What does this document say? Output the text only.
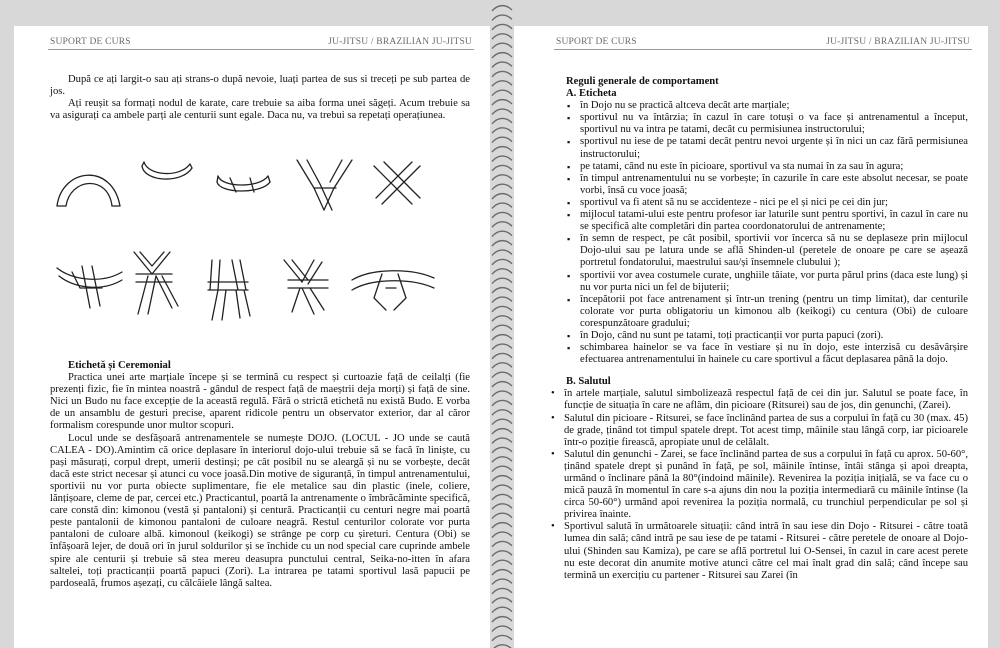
SUPORT DE CURS	JU-JITSU / BRAZILIAN JU-JITSU

După ce ați largit-o sau ați strans-o după nevoie, luați partea de sus si treceți pe sub partea de jos.

Ați reușit sa formați nodul de karate, care trebuie sa aiba forma unei săgeți. Acum trebuie sa va asigurați ca ambele parți ale centurii sunt egale. Daca nu, va trebui sa repetați operațiunea.

Etichetă și Ceremonial

Practica unei arte marțiale începe și se termină cu respect și curtoazie față de ceilalți (fie prezenți fizic, fie în mintea noastră - gândul de respect față de maeștrii deja morți) și față de sine. Nici un Budo nu face excepție de la această regulă. Fără o strictă etichetă nu există Budo. E vorba de un ansamblu de gesturi precise, aparent ridicole pentru un observator exterior, dar al căror formalism corespunde unor multor scopuri.

Locul unde se desfășoară antrenamentele se numește DOJO. (LOCUL - JO unde se caută CALEA - DO).Amintim că orice deplasare în interiorul dojo-ului trebuie să se facă în liniște, cu pași măsurați, corpul drept, umerii destinși; pe cât posibil nu se aleargă și nu se vorbește, decât dacă este strict necesar și atunci cu voce joasă.Din motive de siguranță, în timpul antrenamentului, sportivii nu vor purta obiecte suplimentare, fie ele metalice sau din plastic (inele, coliere, lănțișoare, cleme de par, cercei etc.) Practicantul, poartă la antrenamente o îmbrăcăminte specifică, care constă din: kimonou (vestă și pantaloni) și centură. Practicanții cu centuri negre mai poartă peste pantalonii de kimonou pantaloni de culoare neagră. Restul centurilor colorate vor purta pantaloni de culoare albă. kimonoul (keikogi) se strânge pe corp cu șireturi. Centura (Obi) se înfășoară lejer, de două ori în jurul soldurilor și se închide cu un nod special care cuprinde ambele spire ale centurii și trebuie să stea mereu deasupra punctului central, Seika-no-itten în afara saltelei, toți practicanții poartă papuci (Zori). La intrarea pe tatami sportivul lasă papucii pe pardoseală, frumos așezați, cu călcâiele lângă saltea.

SUPORT DE CURS	JU-JITSU / BRAZILIAN JU-JITSU

Reguli generale de comportament

A. Eticheta

▪ în Dojo nu se practică altceva decât arte marțiale;
▪ sportivul nu va întârzia; în cazul în care totuși o va face și antrenamentul a început, sportivul nu va intra pe tatami, decât cu permisiunea instructorului;
▪ sportivul nu iese de pe tatami decât pentru nevoi urgente și în nici un caz fără permisiunea instructorului;
▪ pe tatami, când nu este în picioare, sportivul va sta numai în za sau în agura;
▪ în timpul antrenamentului nu se vorbește; în cazurile în care este absolut necesar, se poate vorbi, însă cu voce joasă;
▪ sportivul va fi atent să nu se accidenteze - nici pe el și nici pe cei din jur;
▪ mijlocul tatami-ului este pentru profesor iar laturile sunt pentru sportivi, în cazul în care nu se specifică alte completări din partea coordonatorului de antrenamente;
▪ în semn de respect, pe cât posibil, sportivii vor încerca să nu se deplaseze prin mijlocul Dojo-ului sau pe latura unde se află Shinden-ul (peretele de onoare pe care se așează portretul fondatorului, maestrului sau/și însemnele clubului );
▪ sportivii vor avea costumele curate, unghiile tăiate, vor purta părul prins (daca este lung) și nu vor purta nici un fel de bijuterii;
▪ începătorii pot face antrenament și într-un trening (pentru un timp limitat), dar centurile colorate vor purta obligatoriu un kimonou alb (keikogi) cu centura (Obi) de culoare corespunzătoare gradului;
▪ în Dojo, când nu sunt pe tatami, toți practicanții vor purta papuci (zori).
▪ schimbarea hainelor se va face în vestiare și nu în dojo, este interzisă cu desăvârșire efectuarea antrenamentului în hainele cu care sportivul a făcut deplasarea până la dojo.

B. Salutul

• în artele marțiale, salutul simbolizează respectul față de cei din jur. Salutul se poate face, în funcție de situația în care ne aflăm, din picioare (Ritsurei) sau de jos, din genunchi, (Zarei).
• Salutul din picioare - Ritsurei, se face înclinând partea de sus a corpului în față cu 30 (max. 45) de grade, ținând tot timpul spatele drept. Tot acest timp, mâinile stau lângă corp, iar picioarele într-o poziție firească, apropiate unul de celălalt.
• Salutul din genunchi - Zarei, se face înclinând partea de sus a corpului în față cu aprox. 50-60°, ținând spatele drept și punând în față, pe sol, mâinile întinse, întâi stânga și apoi dreapta, urmând o înclinare până la 80°(indoind mâinile). Revenirea la poziția inițială, se va face cu o mică pauză în momentul în care s-a ajuns din nou la poziția intermediară cu mâinile întinse (la circa 50-60°) urmând apoi revenirea la poziția normală, cu trunchiul perpendicular pe sol și privirea înainte.
• Sportivul salută în următoarele situații: când intră în sau iese din Dojo - Ritsurei - către toată lumea din sală; când intră pe sau iese de pe tatami - Ritsurei - către peretele de onoare al Dojo-ului (Shinden sau Kamiza), pe care se află portretul lui O-Sensei, în cazul in care acest perete nu este decorat din anumite motive atunci către cel mai înalt grad din sală; când începe sau termină un exercițiu cu partener - Ritsurei sau Zarei (în
